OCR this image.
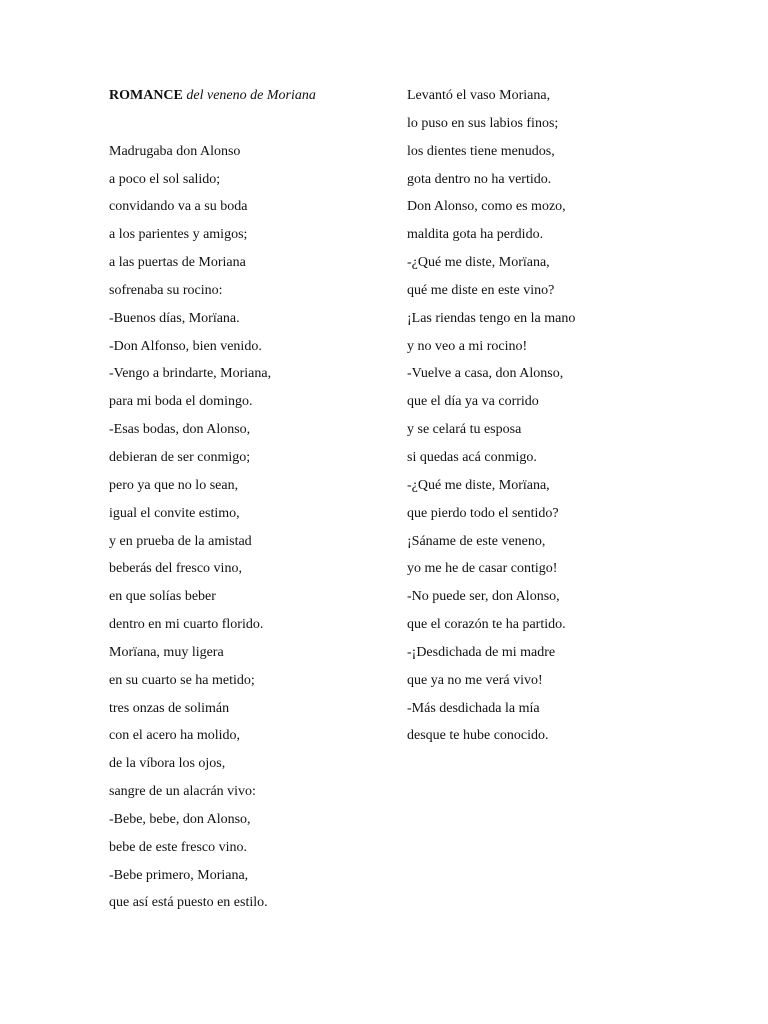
ROMANCE del veneno de Moriana
Madrugaba don Alonso
a poco el sol salido;
convidando va a su boda
a los parientes y amigos;
a las puertas de Moriana
sofrenaba su rocino:
-Buenos días, Morïana.
-Don Alfonso, bien venido.
-Vengo a brindarte, Moriana,
para mi boda el domingo.
-Esas bodas, don Alonso,
debieran de ser conmigo;
pero ya que no lo sean,
igual el convite estimo,
y en prueba de la amistad
beberás del fresco vino,
en que solías beber
dentro en mi cuarto florido.
Morïana, muy ligera
en su cuarto se ha metido;
tres onzas de solimán
con el acero ha molido,
de la víbora los ojos,
sangre de un alacrán vivo:
-Bebe, bebe, don Alonso,
bebe de este fresco vino.
-Bebe primero, Moriana,
que así está puesto en estilo.
Levantó el vaso Moriana,
lo puso en sus labios finos;
los dientes tiene menudos,
gota dentro no ha vertido.
Don Alonso, como es mozo,
maldita gota ha perdido.
-¿Qué me diste, Morïana,
qué me diste en este vino?
¡Las riendas tengo en la mano
y no veo a mi rocino!
-Vuelve a casa, don Alonso,
que el día ya va corrido
y se celará tu esposa
si quedas acá conmigo.
-¿Qué me diste, Morïana,
que pierdo todo el sentido?
¡Sáname de este veneno,
yo me he de casar contigo!
-No puede ser, don Alonso,
que el corazón te ha partido.
-¡Desdichada de mi madre
que ya no me verá vivo!
-Más desdichada la mía
desque te hube conocido.
